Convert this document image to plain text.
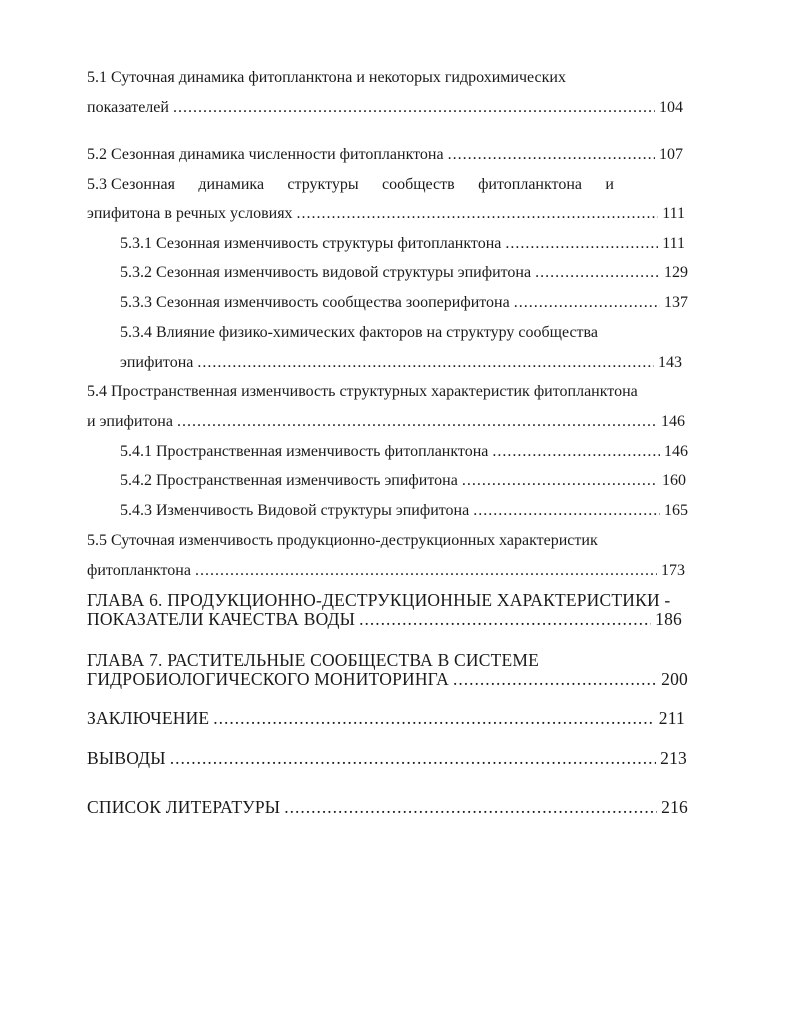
5.1 Суточная динамика фитопланктона и некоторых гидрохимических
показателей .....	104
5.2 Сезонная динамика численности фитопланктона .....	107
5.3 Сезонная динамика структуры сообществ фитопланктона и
эпифитона в речных условиях .....	111
5.3.1 Сезонная изменчивость структуры фитопланктона .....	111
5.3.2 Сезонная изменчивость видовой структуры эпифитона .....	129
5.3.3 Сезонная изменчивость сообщества зооперифитона .....	137
5.3.4 Влияние физико-химических факторов на структуру сообщества
эпифитона .....	143
5.4 Пространственная изменчивость структурных характеристик фитопланктона
и эпифитона .....	146
5.4.1 Пространственная изменчивость фитопланктона .....	146
5.4.2 Пространственная изменчивость эпифитона .....	160
5.4.3 Изменчивость Видовой структуры эпифитона .....	165
5.5 Суточная изменчивость продукционно-деструкционных характеристик
фитопланктона .....	173
ГЛАВА 6. ПРОДУКЦИОННО-ДЕСТРУКЦИОННЫЕ ХАРАКТЕРИСТИКИ -
ПОКАЗАТЕЛИ КАЧЕСТВА ВОДЫ .....	186
ГЛАВА 7. РАСТИТЕЛЬНЫЕ СООБЩЕСТВА В СИСТЕМЕ
ГИДРОБИОЛОГИЧЕСКОГО МОНИТОРИНГА .....	200
ЗАКЛЮЧЕНИЕ .....	211
ВЫВОДЫ .....	213
СПИСОК ЛИТЕРАТУРЫ .....	216
